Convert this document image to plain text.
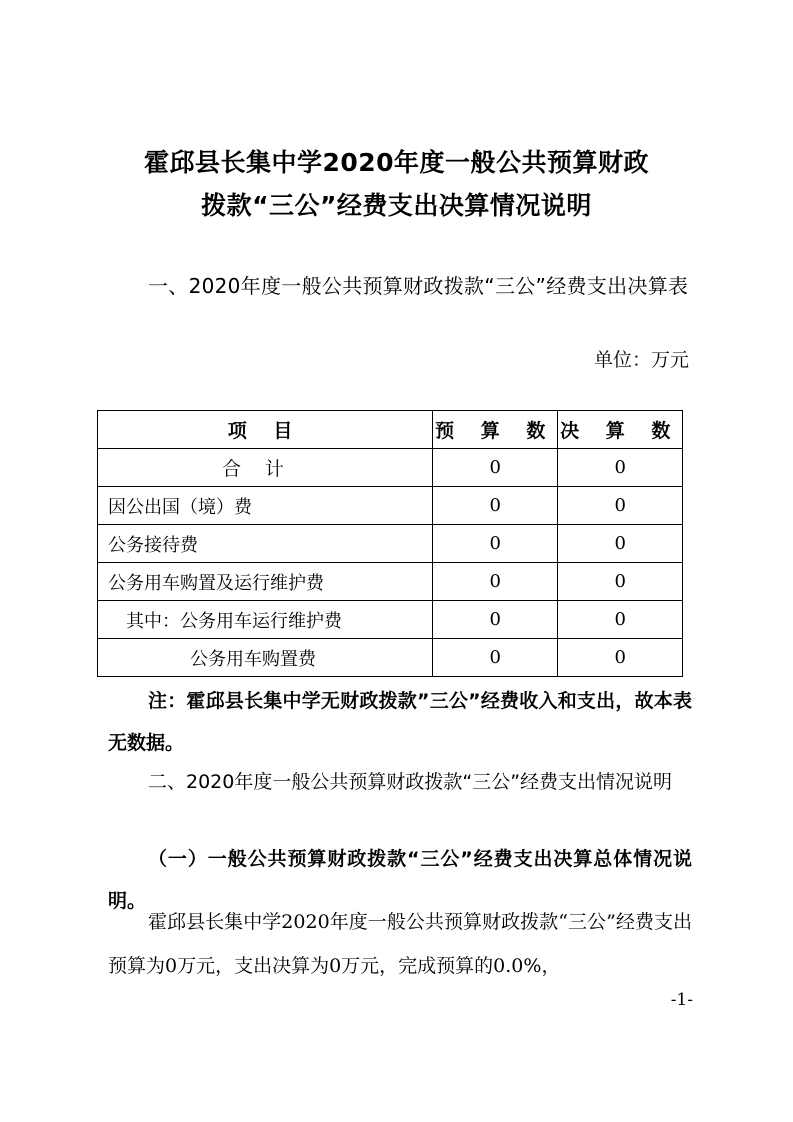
霍邱县长集中学2020年度一般公共预算财政
拨款“三公”经费支出决算情况说明
一、2020年度一般公共预算财政拨款“三公”经费支出决算表
单位：万元
项 目	预 算 数	决 算 数
合计	0	0
因公出国（境）费	0	0
公务接待费	0	0
公务用车购置及运行维护费	0	0
其中：公务用车运行维护费	0	0
公务用车购置费	0	0
注：霍邱县长集中学无财政拨款”三公”经费收入和支出，故本表无数据。
二、2020年度一般公共预算财政拨款“三公”经费支出情况说明
（一）一般公共预算财政拨款“三公”经费支出决算总体情况说明。
霍邱县长集中学2020年度一般公共预算财政拨款“三公”经费支出预算为0万元，支出决算为0万元，完成预算的0.0%，
-1-
